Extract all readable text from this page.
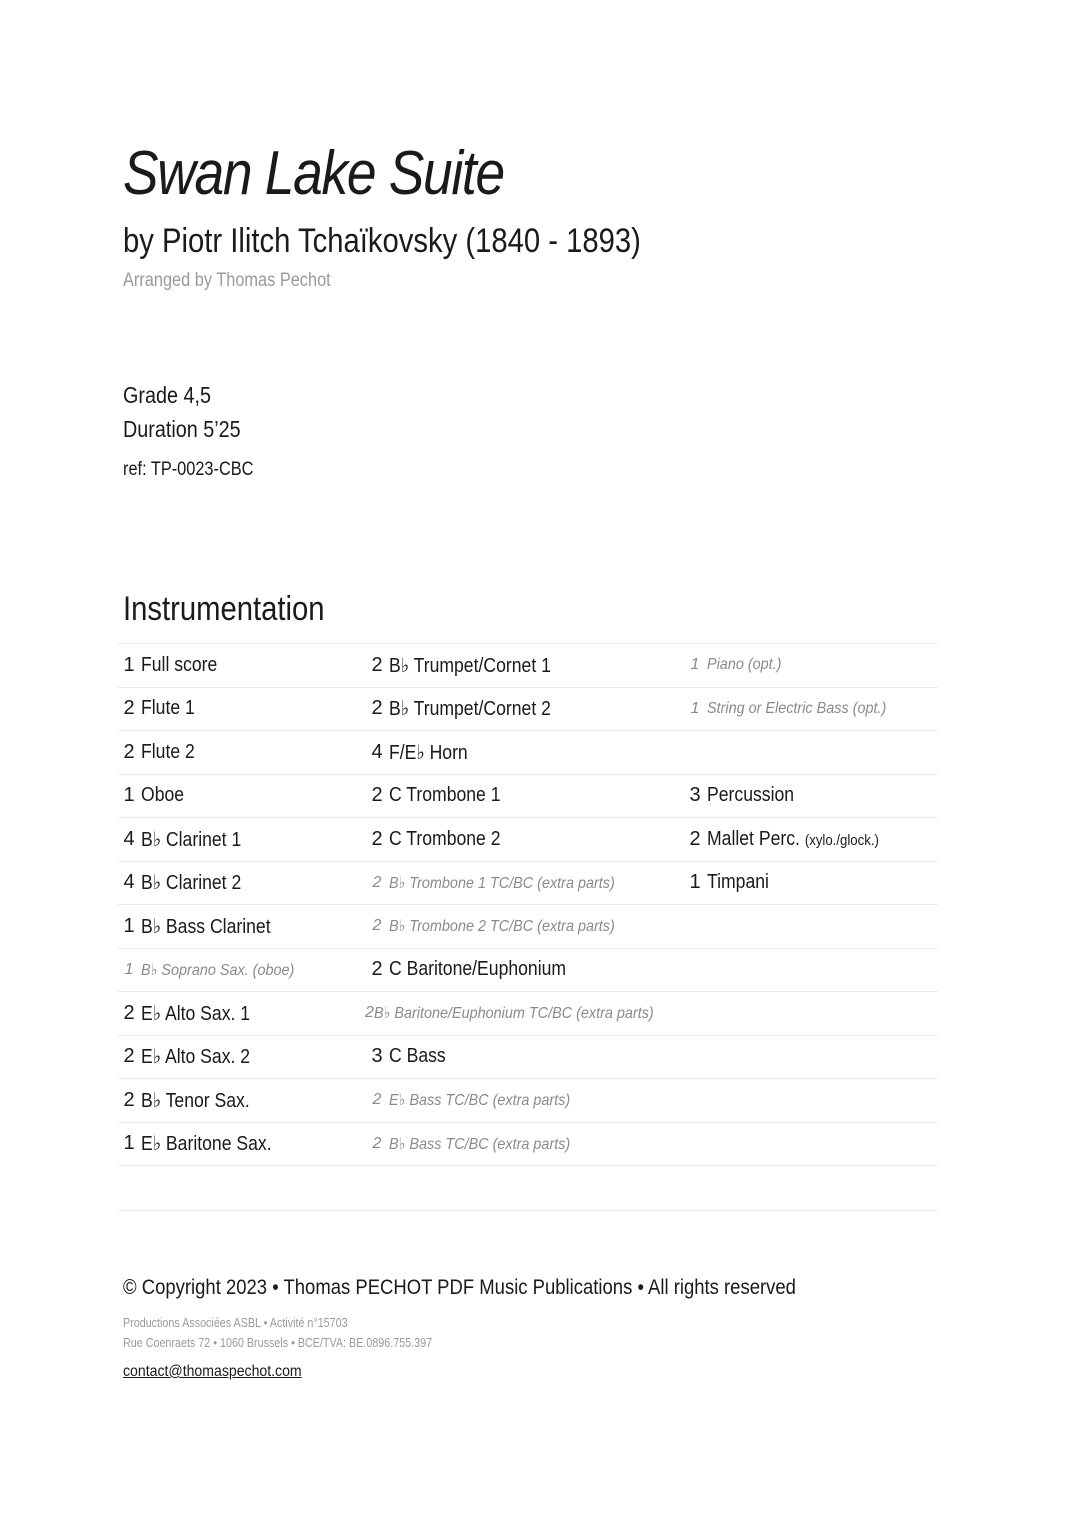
Swan Lake Suite
by Piotr Ilitch Tchaïkovsky (1840 - 1893)
Arranged by Thomas Pechot
Grade 4,5
Duration 5’25
ref: TP-0023-CBC
Instrumentation
1 Full score	2 B♭ Trumpet/Cornet 1	1 Piano (opt.)
2 Flute 1	2 B♭ Trumpet/Cornet 2	1 String or Electric Bass (opt.)
2 Flute 2	4 F/E♭ Horn
1 Oboe	2 C Trombone 1	3 Percussion
4 B♭ Clarinet 1	2 C Trombone 2	2 Mallet Perc. (xylo./glock.)
4 B♭ Clarinet 2	2 B♭ Trombone 1 TC/BC (extra parts)	1 Timpani
1 B♭ Bass Clarinet	2 B♭ Trombone 2 TC/BC (extra parts)
1 B♭ Soprano Sax. (oboe)	2 C Baritone/Euphonium
2 E♭ Alto Sax. 1	2 B♭ Baritone/Euphonium TC/BC (extra parts)
2 E♭ Alto Sax. 2	3 C Bass
2 B♭ Tenor Sax.	2 E♭ Bass TC/BC (extra parts)
1 E♭ Baritone Sax.	2 B♭ Bass TC/BC (extra parts)
© Copyright 2023 • Thomas PECHOT PDF Music Publications • All rights reserved
Productions Associées ASBL • Activité n°15703
Rue Coenraets 72 • 1060 Brussels • BCE/TVA: BE.0896.755.397
contact@thomaspechot.com
